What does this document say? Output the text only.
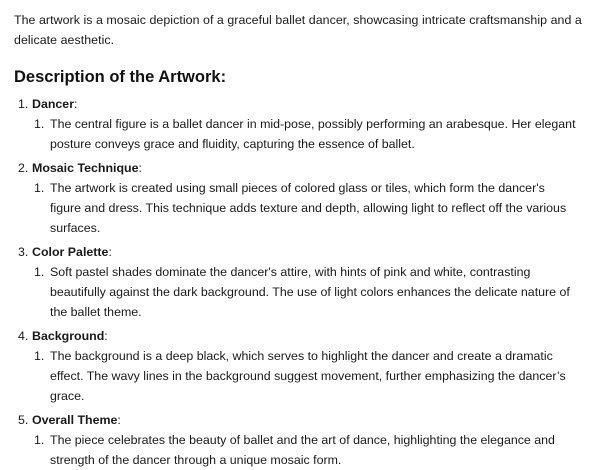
The artwork is a mosaic depiction of a graceful ballet dancer, showcasing intricate craftsmanship and a delicate aesthetic.

Description of the Artwork:
1. Dancer:
1. The central figure is a ballet dancer in mid-pose, possibly performing an arabesque. Her elegant posture conveys grace and fluidity, capturing the essence of ballet.
2. Mosaic Technique:
1. The artwork is created using small pieces of colored glass or tiles, which form the dancer's figure and dress. This technique adds texture and depth, allowing light to reflect off the various surfaces.
3. Color Palette:
1. Soft pastel shades dominate the dancer's attire, with hints of pink and white, contrasting beautifully against the dark background. The use of light colors enhances the delicate nature of the ballet theme.
4. Background:
1. The background is a deep black, which serves to highlight the dancer and create a dramatic effect. The wavy lines in the background suggest movement, further emphasizing the dancer’s grace.
5. Overall Theme:
1. The piece celebrates the beauty of ballet and the art of dance, highlighting the elegance and strength of the dancer through a unique mosaic form.
